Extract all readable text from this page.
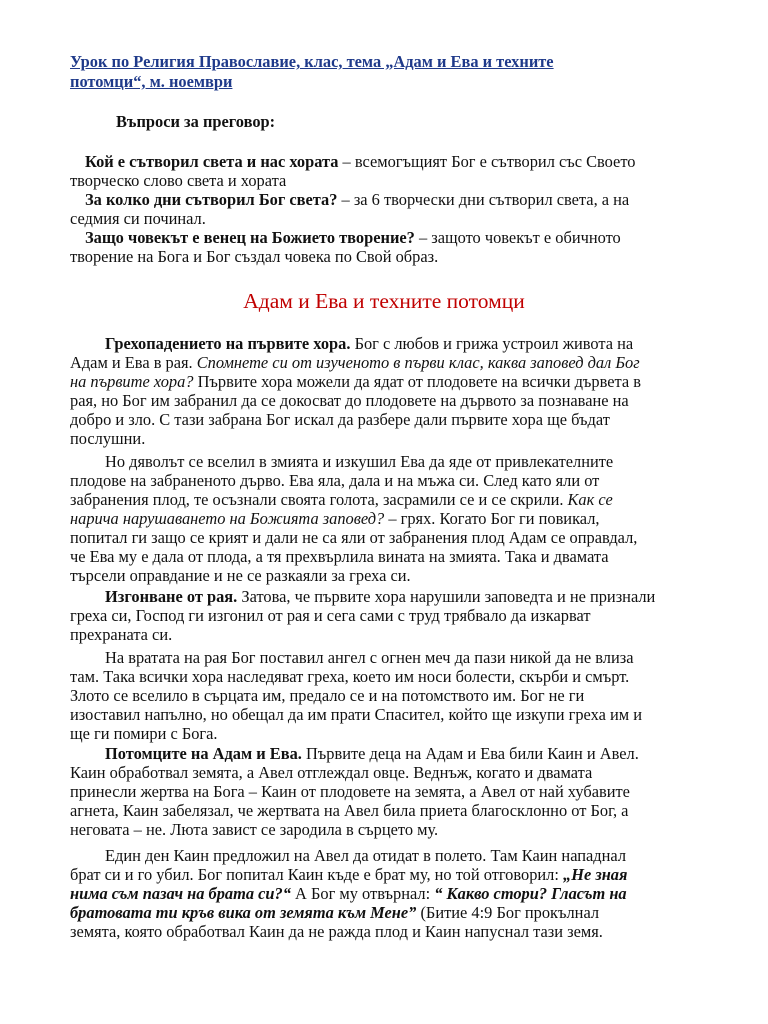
Урок по Религия Православие, клас, тема „Адам и Ева и техните
потомци“, м. ноември
Въпроси за преговор:
Кой е сътворил света и нас хората – всемогъщият Бог е сътворил със Своето
творческо слово света и хората
За колко дни сътворил Бог света? – за 6 творчески дни сътворил света, а на
седмия си починал.
Защо човекът е венец на Божието творение? – защото човекът е обичното
творение на Бога и Бог създал човека по Свой образ.
Адам и Ева и техните потомци
Грехопадението на първите хора. Бог с любов и грижа устроил живота на
Адам и Ева в рая. Спомнете си от изученото в първи клас, каква заповед дал Бог
на първите хора? Първите хора можели да ядат от плодовете на всички дървета в
рая, но Бог им забранил да се докосват до плодовете на дървото за познаване на
добро и зло. С тази забрана Бог искал да разбере дали първите хора ще бъдат
послушни.
Но дяволът се вселил в змията и изкушил Ева да яде от привлекателните
плодове на забраненото дърво. Ева яла, дала и на мъжа си. След като яли от
забранения плод, те осъзнали своята голота, засрамили се и се скрили. Как се
нарича нарушаването на Божията заповед? – грях. Когато Бог ги повикал,
попитал ги защо се крият и дали не са яли от забранения плод Адам се оправдал,
че Ева му е дала от плода, а тя прехвърлила вината на змията. Така и двамата
търсели оправдание и не се разкаяли за греха си.
Изгонване от рая. Затова, че първите хора нарушили заповедта и не признали
греха си, Господ ги изгонил от рая и сега сами с труд трябвало да изкарват
прехраната си.
На вратата на рая Бог поставил ангел с огнен меч да пази никой да не влиза
там. Така всички хора наследяват греха, което им носи болести, скърби и смърт.
Злото се вселило в сърцата им, предало се и на потомството им. Бог не ги
изоставил напълно, но обещал да им прати Спасител, който ще изкупи греха им и
ще ги помири с Бога.
Потомците на Адам и Ева. Първите деца на Адам и Ева били Каин и Авел.
Каин обработвал земята, а Авел отглеждал овце. Веднъж, когато и двамата
принесли жертва на Бога – Каин от плодовете на земята, а Авел от най хубавите
агнета, Каин забелязал, че жертвата на Авел била приета благосклонно от Бог, а
неговата – не. Люта завист се зародила в сърцето му.
Един ден Каин предложил на Авел да отидат в полето. Там Каин нападнал
брат си и го убил. Бог попитал Каин къде е брат му, но той отговорил: „Не зная
нима съм пазач на брата си?“ А Бог му отвърнал: “ Какво стори? Гласът на
братовата ти кръв вика от земята към Мене” (Битие 4:9 Бог прокълнал
земята, която обработвал Каин да не ражда плод и Каин напуснал тази земя.
